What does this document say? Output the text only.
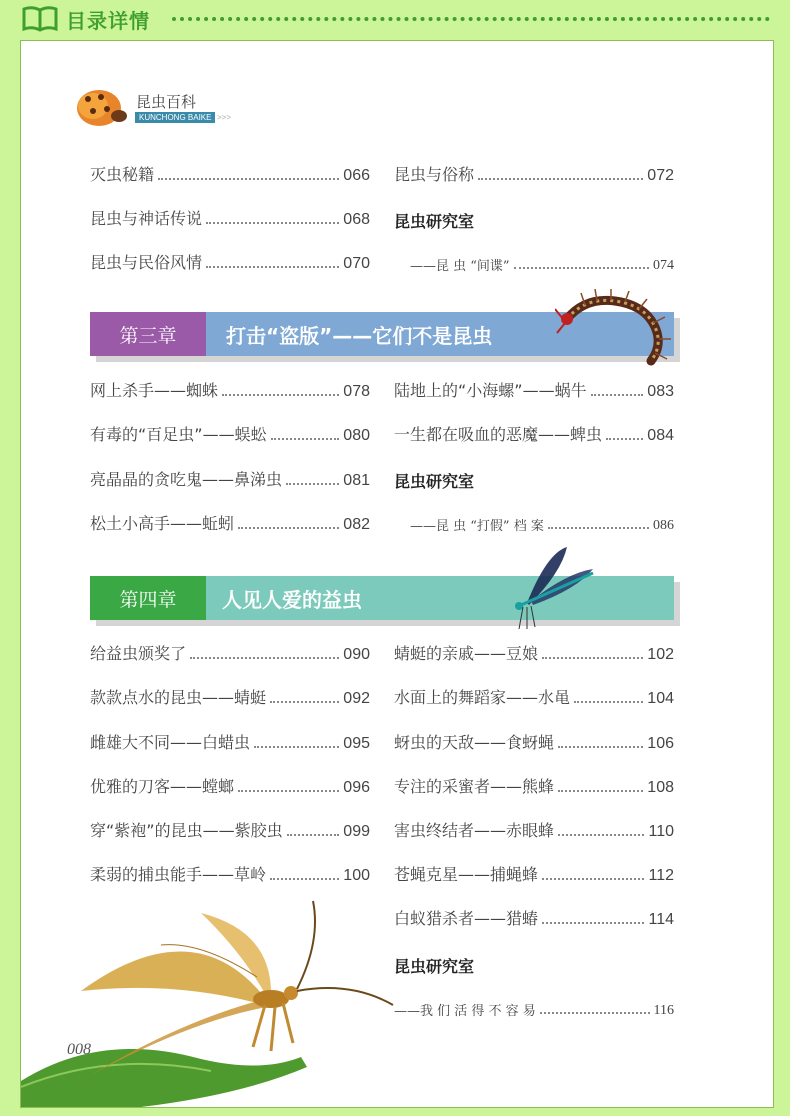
目录详情
昆虫百科
KUNCHONG BAIKE >>>
灭虫秘籍	066
昆虫与神话传说	068
昆虫与民俗风情	070
昆虫与俗称	072
昆虫研究室
——昆 虫 “间谍”	074
第三章	打击“盗版”——它们不是昆虫
网上杀手——蜘蛛	078
有毒的“百足虫”——蜈蚣	080
亮晶晶的贪吃鬼——鼻涕虫	081
松土小高手——蚯蚓	082
陆地上的“小海螺”——蜗牛	083
一生都在吸血的恶魔——蜱虫	084
昆虫研究室
——昆 虫 “打假” 档 案	086
第四章	人见人爱的益虫
给益虫颁奖了	090
款款点水的昆虫——蜻蜓	092
雌雄大不同——白蜡虫	095
优雅的刀客——螳螂	096
穿“紫袍”的昆虫——紫胶虫	099
柔弱的捕虫能手——草岭	100
蜻蜓的亲戚——豆娘	102
水面上的舞蹈家——水黾	104
蚜虫的天敌——食蚜蝇	106
专注的采蜜者——熊蜂	108
害虫终结者——赤眼蜂	110
苍蝇克星——捕蝇蜂	112
白蚁猎杀者——猎蝽	114
昆虫研究室
——我 们 活 得 不 容 易	116
008
